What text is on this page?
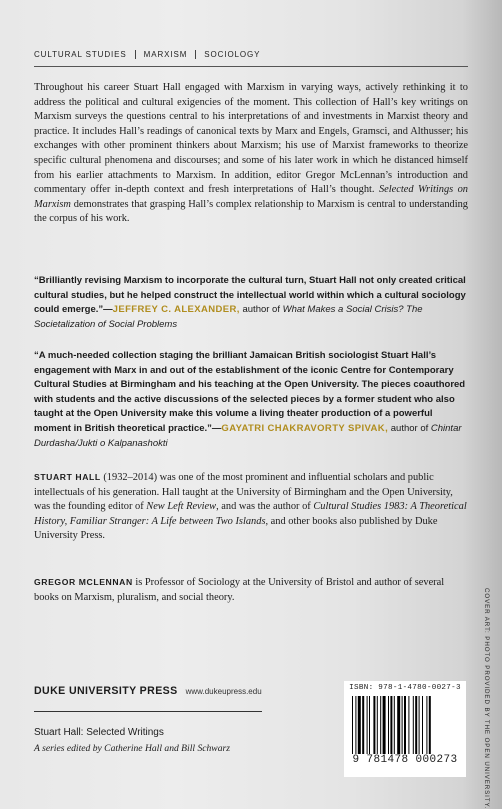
CULTURAL STUDIES MARXISM SOCIOLOGY

Throughout his career Stuart Hall engaged with Marxism in varying ways, actively rethinking it to address the political and cultural exigencies of the moment. This collection of Hall’s key writings on Marxism surveys the questions central to his interpretations of and investments in Marxist theory and practice. It includes Hall’s readings of canonical texts by Marx and Engels, Gramsci, and Althusser; his exchanges with other prominent thinkers about Marxism; his use of Marxist frameworks to theorize specific cultural phenomena and discourses; and some of his later work in which he distanced himself from his earlier attachments to Marxism. In addition, editor Gregor McLennan’s introduction and commentary offer in-depth context and fresh interpretations of Hall’s thought. Selected Writings on Marxism demonstrates that grasping Hall’s complex relationship to Marxism is central to understanding the corpus of his work.

“Brilliantly revising Marxism to incorporate the cultural turn, Stuart Hall not only created critical cultural studies, but he helped construct the intellectual world within which a cultural sociology could emerge.”—JEFFREY C. ALEXANDER, author of What Makes a Social Crisis? The Societalization of Social Problems

“A much-needed collection staging the brilliant Jamaican British sociologist Stuart Hall’s engagement with Marx in and out of the establishment of the iconic Centre for Contemporary Cultural Studies at Birmingham and his teaching at the Open University. The pieces coauthored with students and the active discussions of the selected pieces by a former student who also taught at the Open University make this volume a living theater production of a powerful moment in British theoretical practice.”—GAYATRI CHAKRAVORTY SPIVAK, author of Chintar Durdasha/Jukti o Kalpanashokti

STUART HALL (1932–2014) was one of the most prominent and influential scholars and public intellectuals of his generation. Hall taught at the University of Birmingham and the Open University, was the founding editor of New Left Review, and was the author of Cultural Studies 1983: A Theoretical History, Familiar Stranger: A Life between Two Islands, and other books also published by Duke University Press.

GREGOR MCLENNAN is Professor of Sociology at the University of Bristol and author of several books on Marxism, pluralism, and social theory.	COVER ART: PHOTO PROVIDED BY THE OPEN UNIVERSITY.
DUKE UNIVERSITY PRESS www.dukeupress.edu
Stuart Hall: Selected Writings
A series edited by Catherine Hall and Bill Schwarz
ISBN: 978-1-4780-0027-3
9 781478 000273
